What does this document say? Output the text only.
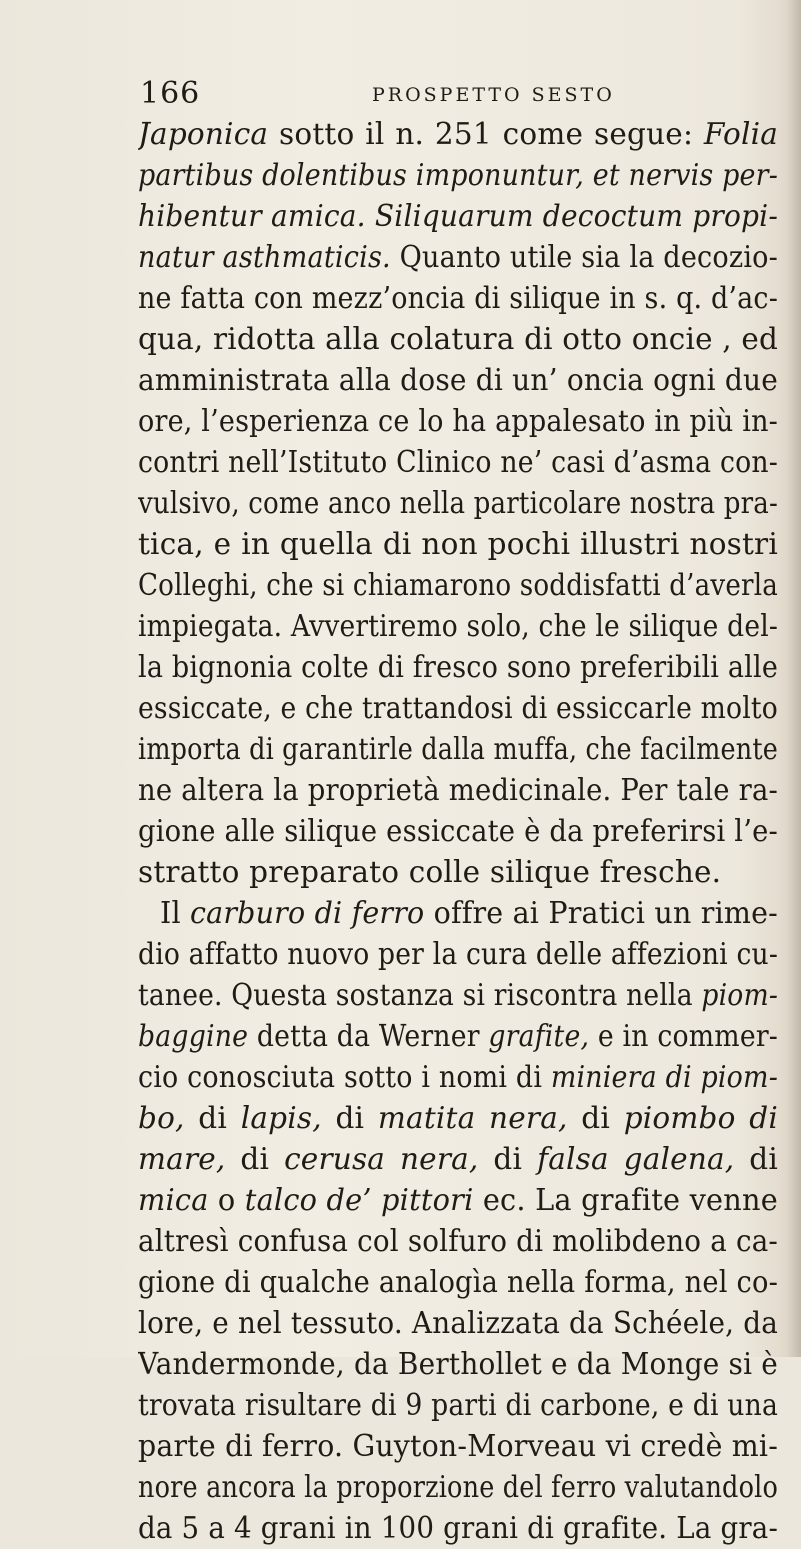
166	PROSPETTO SESTO
Japonica sotto il n. 251 come segue: Folia
partibus dolentibus imponuntur, et nervis per-
hibentur amica. Siliquarum decoctum propi-
natur asthmaticis. Quanto utile sia la decozio-
ne fatta con mezz’oncia di silique in s. q. d’ac-
qua, ridotta alla colatura di otto oncie , ed
amministrata alla dose di un’ oncia ogni due
ore, l’esperienza ce lo ha appalesato in più in-
contri nell’Istituto Clinico ne’ casi d’asma con-
vulsivo, come anco nella particolare nostra pra-
tica, e in quella di non pochi illustri nostri
Colleghi, che si chiamarono soddisfatti d’averla
impiegata. Avvertiremo solo, che le silique del-
la bignonia colte di fresco sono preferibili alle
essiccate, e che trattandosi di essiccarle molto
importa di garantirle dalla muffa, che facilmente
ne altera la proprietà medicinale. Per tale ra-
gione alle silique essiccate è da preferirsi l’e-
stratto preparato colle silique fresche.
Il carburo di ferro offre ai Pratici un rime-
dio affatto nuovo per la cura delle affezioni cu-
tanee. Questa sostanza si riscontra nella piom-
baggine detta da Werner grafite, e in commer-
cio conosciuta sotto i nomi di miniera di piom-
bo, di lapis, di matita nera, di piombo di
mare, di cerusa nera, di falsa galena, di
mica o talco de’ pittori ec. La grafite venne
altresì confusa col solfuro di molibdeno a ca-
gione di qualche analogìa nella forma, nel co-
lore, e nel tessuto. Analizzata da Schéele, da
Vandermonde, da Berthollet e da Monge si è
trovata risultare di 9 parti di carbone, e di una
parte di ferro. Guyton-Morveau vi credè mi-
nore ancora la proporzione del ferro valutandolo
da 5 a 4 grani in 100 grani di grafite. La gra-
